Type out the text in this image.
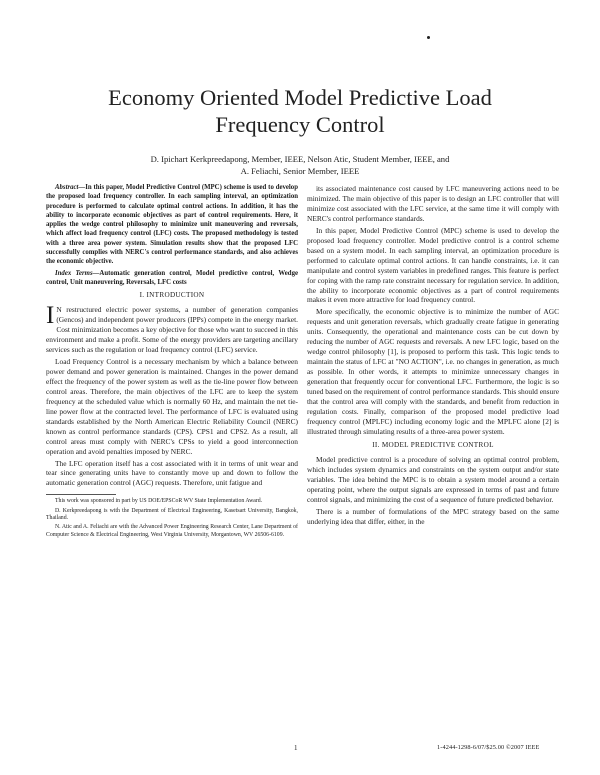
Economy Oriented Model Predictive Load
Frequency Control
D. Ipichart Kerkpreedapong, Member, IEEE, Nelson Atic, Student Member, IEEE, and
A. Feliachi, Senior Member, IEEE

Abstract—In this paper, Model Predictive Control (MPC) scheme is used to develop the proposed load frequency controller. In each sampling interval, an optimization procedure is performed to calculate optimal control actions. In addition, it has the ability to incorporate economic objectives as part of control requirements. Here, it applies the wedge control philosophy to minimize unit maneuvering and reversals, which affect load frequency control (LFC) costs. The proposed methodology is tested with a three area power system. Simulation results show that the proposed LFC successfully complies with NERC's control performance standards, and also achieves the economic objective.

Index Terms—Automatic generation control, Model predictive control, Wedge control, Unit maneuvering, Reversals, LFC costs

I. INTRODUCTION

I N restructured electric power systems, a number of generation companies (Gencos) and independent power producers (IPPs) compete in the energy market. Cost minimization becomes a key objective for those who want to succeed in this environment and make a profit. Some of the energy providers are targeting ancillary services such as the regulation or load frequency control (LFC) service.

Load Frequency Control is a necessary mechanism by which a balance between power demand and power generation is maintained. Changes in the power demand effect the frequency of the power system as well as the tie-line power flow between control areas. Therefore, the main objectives of the LFC are to keep the system frequency at the scheduled value which is normally 60 Hz, and maintain the net tie-line power flow at the contracted level. The performance of LFC is evaluated using standards established by the North American Electric Reliability Council (NERC) known as control performance standards (CPS). CPS1 and CPS2. As a result, all control areas must comply with NERC's CPSs to yield a good interconnection operation and avoid penalties imposed by NERC.

The LFC operation itself has a cost associated with it in terms of unit wear and tear since generating units have to constantly move up and down to follow the automatic generation control (AGC) requests. Therefore, unit fatigue and

This work was sponsored in part by US DOE/EPSCoR WV State Implementation Award.

D. Kerkpreedapong is with the Department of Electrical Engineering, Kasetsart University, Bangkok, Thailand.

N. Atic and A. Feliachi are with the Advanced Power Engineering Research Center, Lane Department of Computer Science & Electrical Engineering, West Virginia University, Morgantown, WV 26506-6109.

its associated maintenance cost caused by LFC maneuvering actions need to be minimized. The main objective of this paper is to design an LFC controller that will minimize cost associated with the LFC service, at the same time it will comply with NERC's control performance standards.

In this paper, Model Predictive Control (MPC) scheme is used to develop the proposed load frequency controller. Model predictive control is a control scheme based on a system model. In each sampling interval, an optimization procedure is performed to calculate optimal control actions. It can handle constraints, i.e. it can manipulate and control system variables in predefined ranges. This feature is perfect for coping with the ramp rate constraint necessary for regulation service. In addition, the ability to incorporate economic objectives as a part of control requirements makes it even more attractive for load frequency control.

More specifically, the economic objective is to minimize the number of AGC requests and unit generation reversals, which gradually create fatigue in generating units. Consequently, the operational and maintenance costs can be cut down by reducing the number of AGC requests and reversals. A new LFC logic, based on the wedge control philosophy [1], is proposed to perform this task. This logic tends to maintain the status of LFC at "NO ACTION", i.e. no changes in generation, as much as possible. In other words, it attempts to minimize unnecessary changes in generation that frequently occur for conventional LFC. Furthermore, the logic is so tuned based on the requirement of control performance standards. This should ensure that the control area will comply with the standards, and benefit from reduction in regulation costs. Finally, comparison of the proposed model predictive load frequency control (MPLFC) including economy logic and the MPLFC alone [2] is illustrated through simulating results of a three-area power system.

II. MODEL PREDICTIVE CONTROL

Model predictive control is a procedure of solving an optimal control problem, which includes system dynamics and constraints on the system output and/or state variables. The idea behind the MPC is to obtain a system model around a certain operating point, where the output signals are expressed in terms of past and future control signals, and minimizing the cost of a sequence of future predicted behavior.

There is a number of formulations of the MPC strategy based on the same underlying idea that differ, either, in the

1	1-4244-1298-6/07/$25.00 ©2007 IEEE
